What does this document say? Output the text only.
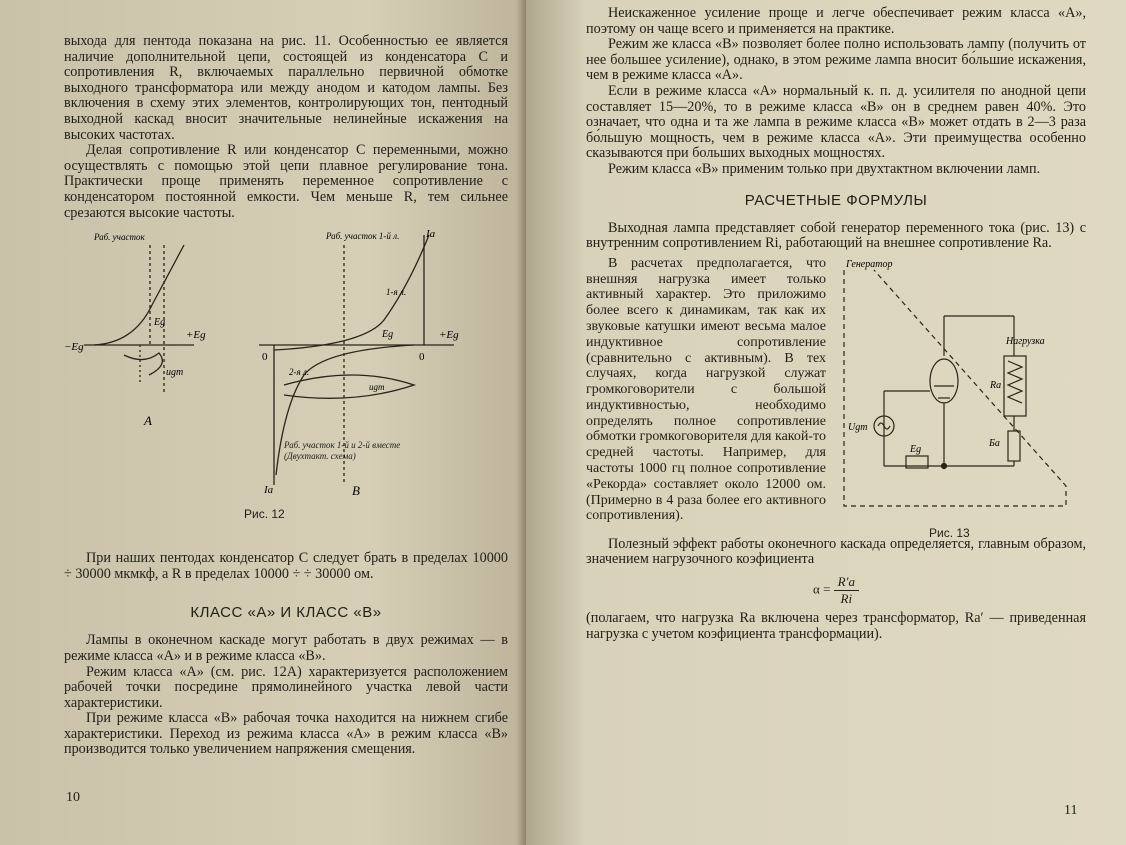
выхода для пентода показана на рис. 11. Особенностью ее является наличие дополнительной цепи, состоящей из конденсатора C и сопротивления R, включаемых параллельно первичной обмотке выходного трансформатора или между анодом и катодом лампы. Без включения в схему этих элементов, контролирующих тон, пентодный выходной каскад вносит значительные нелинейные искажения на высоких частотах.

Делая сопротивление R или конденсатор C переменными, можно осуществлять с помощью этой цепи плавное регулирование тона. Практически проще применять переменное сопротивление с конденсатором постоянной емкости. Чем меньше R, тем сильнее срезаются высокие частоты.

Раб. участок
−Eg
+Eg
Eg
ugm
А
Раб. участок 1-й л. Iа
0	0
+Eg
Eg
1-я л.
2-я л.
ugm
Iа	В
Раб. участок 1-й и 2-й вместе (Двухтакт. схема)
Рис. 12

При наших пентодах конденсатор C следует брать в пределах 10000 ÷ 30000 мкмкф, а R в пределах 10000 ÷ ÷ 30000 ом.

КЛАСС «А» И КЛАСС «В»

Лампы в оконечном каскаде могут работать в двух режимах — в режиме класса «А» и в режиме класса «В».

Режим класса «А» (см. рис. 12А) характеризуется расположением рабочей точки посредине прямолинейного участка левой части характеристики.

При режиме класса «В» рабочая точка находится на нижнем сгибе характеристики. Переход из режима класса «А» в режим класса «В» производится только увеличением напряжения смещения.

10

Неискаженное усиление проще и легче обеспечивает режим класса «А», поэтому он чаще всего и применяется на практике.

Режим же класса «В» позволяет более полно использовать лампу (получить от нее большее усиление), однако, в этом режиме лампа вносит бо́льшие искажения, чем в режиме класса «А».

Если в режиме класса «А» нормальный к. п. д. усилителя по анодной цепи составляет 15—20%, то в режиме класса «В» он в среднем равен 40%. Это означает, что одна и та же лампа в режиме класса «В» может отдать в 2—3 раза бо́льшую мощность, чем в режиме класса «А». Эти преимущества особенно сказываются при больших выходных мощностях.

Режим класса «В» применим только при двухтактном включении ламп.

РАСЧЕТНЫЕ ФОРМУЛЫ

Выходная лампа представляет собой генератор переменного тока (рис. 13) с внутренним сопротивлением Ri, работающий на внешнее сопротивление Ra.

В расчетах предполагается, что внешняя нагрузка имеет только активный характер. Это приложимо более всего к динамикам, так как их звуковые катушки имеют весьма малое индуктивное сопротивление (сравнительно с активным). В тех случаях, когда нагрузкой служат громкоговорители с большой индуктивностью, необходимо определять полное сопротивление обмотки громкоговорителя для какой-то средней частоты. Например, для частоты 1000 гц полное сопротивление «Рекорда» составляет около 12000 ом. (Примерно в 4 раза более его активного сопротивления).

Генератор
Нагрузка
Ra
Ба
Ugm
Eg
Рис. 13

Полезный эффект работы оконечного каскада определяется, главным образом, значением нагрузочного коэфициента

$\alpha = \frac{R'a}{Ri}$

(полагаем, что нагрузка Ra включена через трансформатор, Ra′ — приведенная нагрузка с учетом коэфициента трансформации).

11
